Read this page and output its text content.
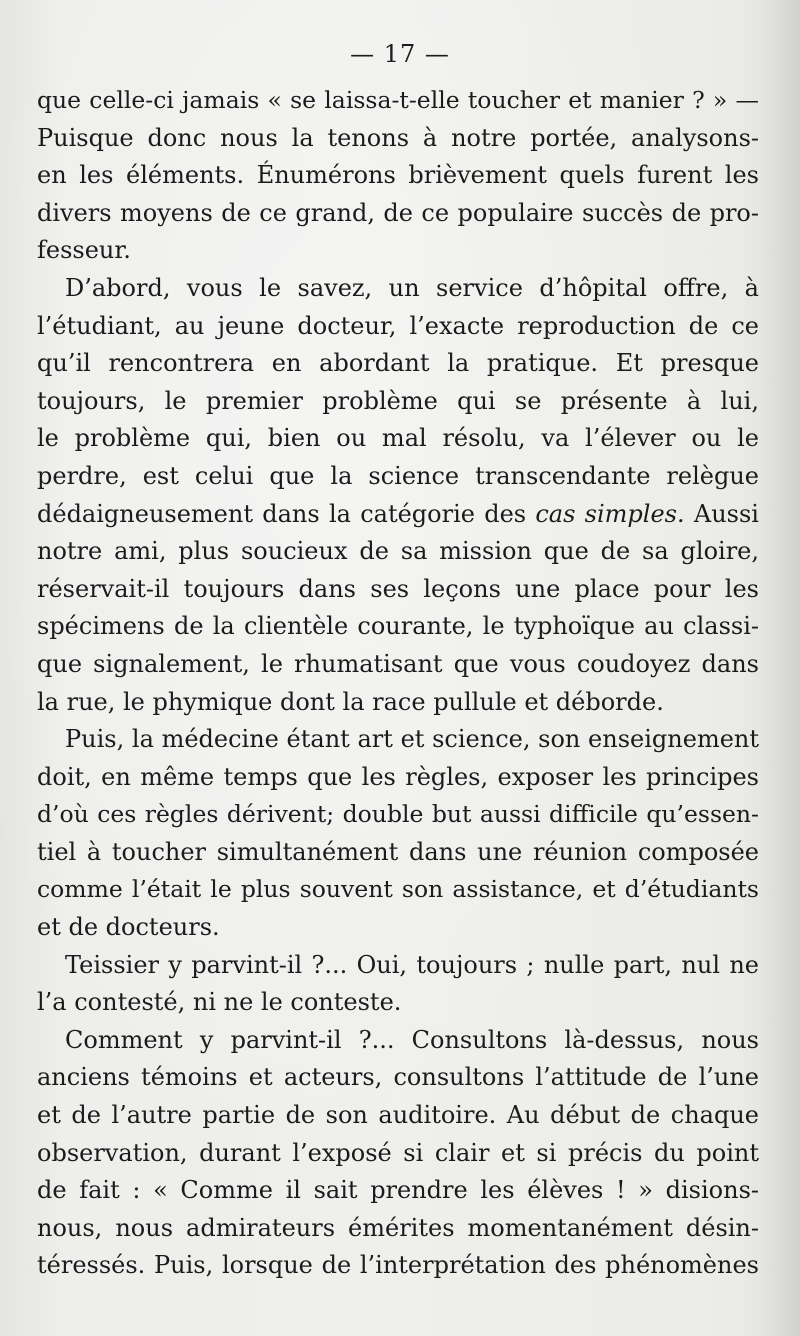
— 17 —
que celle-ci jamais « se laissa-t-elle toucher et manier ? » —
Puisque donc nous la tenons à notre portée, analysons-
en les éléments. Énumérons brièvement quels furent les
divers moyens de ce grand, de ce populaire succès de pro-
fesseur.
D’abord, vous le savez, un service d’hôpital offre, à
l’étudiant, au jeune docteur, l’exacte reproduction de ce
qu’il rencontrera en abordant la pratique. Et presque
toujours, le premier problème qui se présente à lui,
le problème qui, bien ou mal résolu, va l’élever ou le
perdre, est celui que la science transcendante relègue
dédaigneusement dans la catégorie des cas simples. Aussi
notre ami, plus soucieux de sa mission que de sa gloire,
réservait-il toujours dans ses leçons une place pour les
spécimens de la clientèle courante, le typhoïque au classi-
que signalement, le rhumatisant que vous coudoyez dans
la rue, le phymique dont la race pullule et déborde.
Puis, la médecine étant art et science, son enseignement
doit, en même temps que les règles, exposer les principes
d’où ces règles dérivent; double but aussi difficile qu’essen-
tiel à toucher simultanément dans une réunion composée
comme l’était le plus souvent son assistance, et d’étudiants
et de docteurs.
Teissier y parvint-il ?... Oui, toujours ; nulle part, nul ne
l’a contesté, ni ne le conteste.
Comment y parvint-il ?... Consultons là-dessus, nous
anciens témoins et acteurs, consultons l’attitude de l’une
et de l’autre partie de son auditoire. Au début de chaque
observation, durant l’exposé si clair et si précis du point
de fait : « Comme il sait prendre les élèves ! » disions-
nous, nous admirateurs émérites momentanément désin-
téressés. Puis, lorsque de l’interprétation des phénomènes
